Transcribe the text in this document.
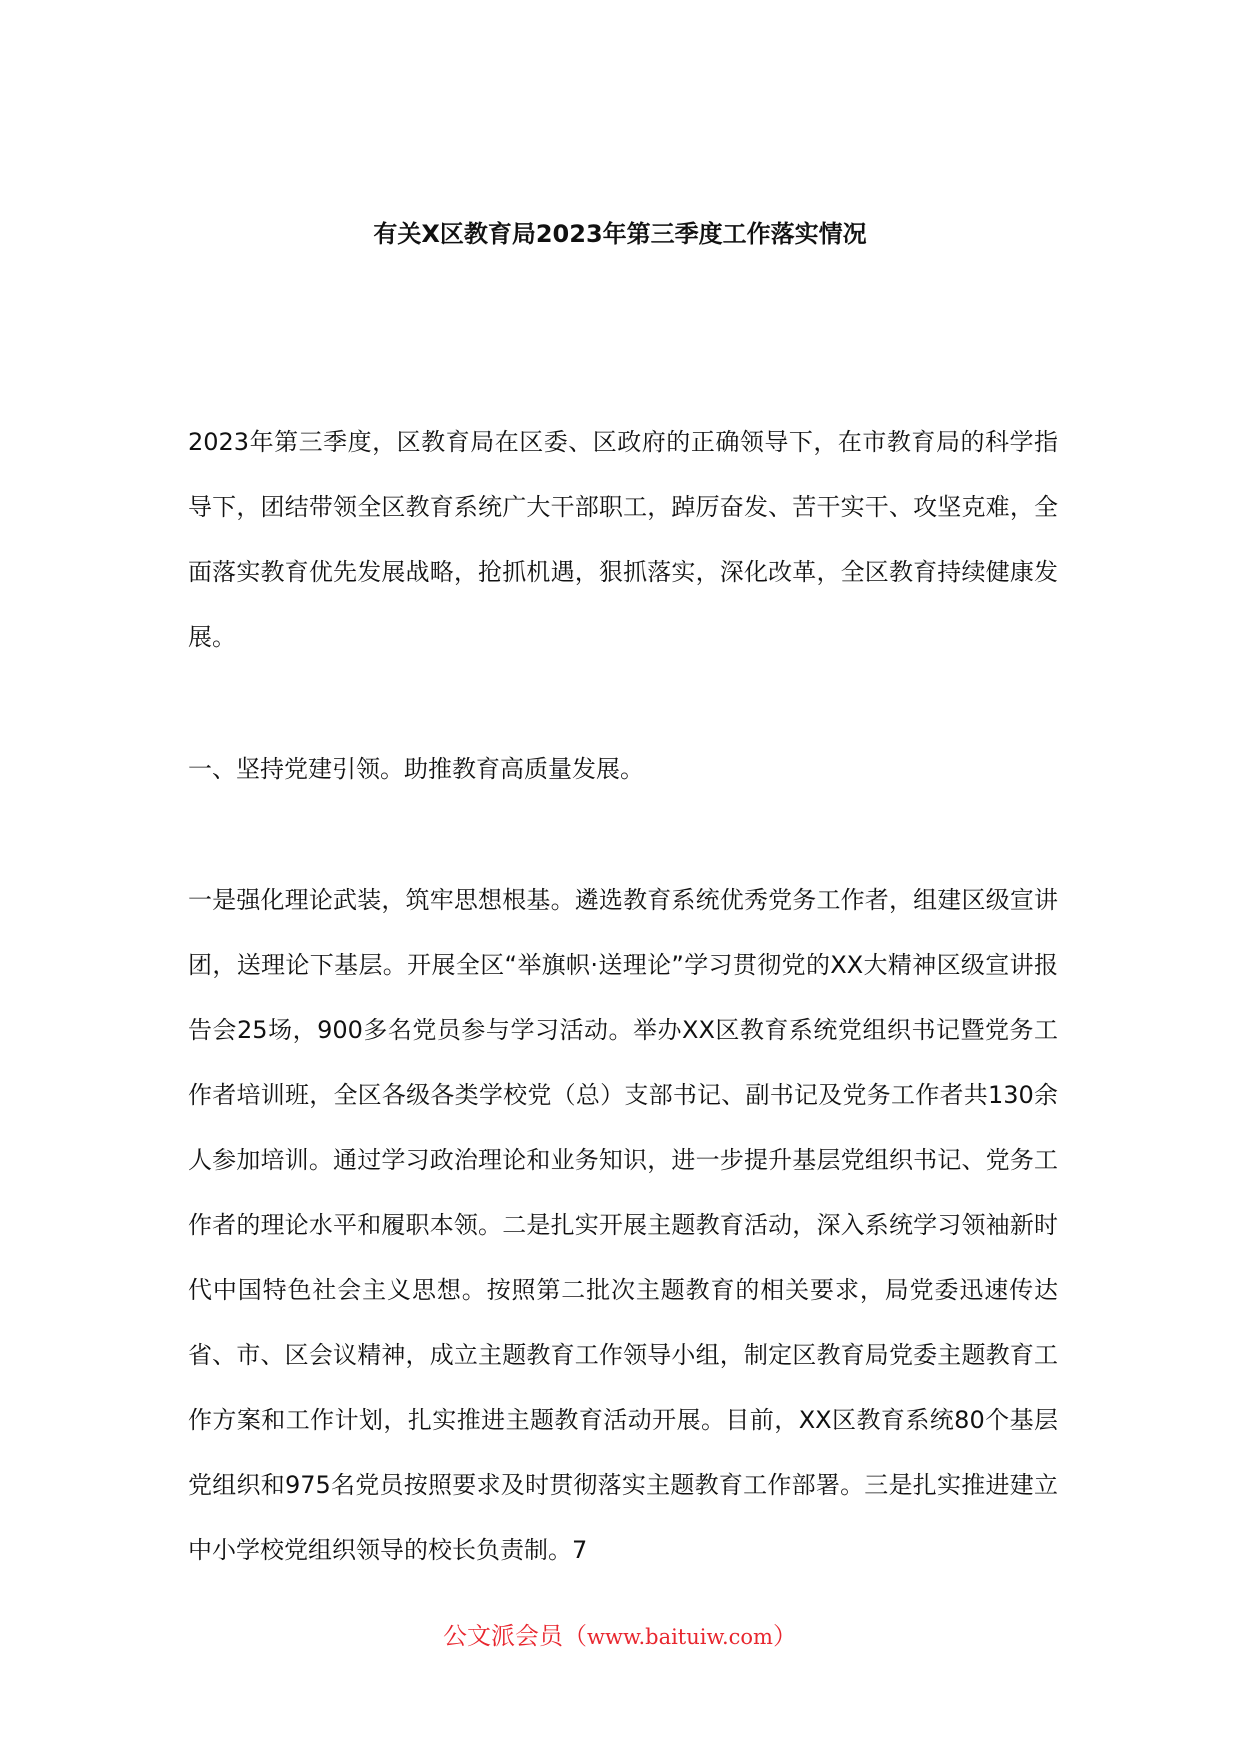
有关X区教育局2023年第三季度工作落实情况
2023年第三季度，区教育局在区委、区政府的正确领导下，在市教育局的科学指导下，团结带领全区教育系统广大干部职工，踔厉奋发、苦干实干、攻坚克难，全面落实教育优先发展战略，抢抓机遇，狠抓落实，深化改革，全区教育持续健康发展。
一、坚持党建引领。助推教育高质量发展。
一是强化理论武装，筑牢思想根基。遴选教育系统优秀党务工作者，组建区级宣讲团，送理论下基层。开展全区“举旗帜·送理论”学习贯彻党的XX大精神区级宣讲报告会25场，900多名党员参与学习活动。举办XX区教育系统党组织书记暨党务工作者培训班，全区各级各类学校党（总）支部书记、副书记及党务工作者共130余人参加培训。通过学习政治理论和业务知识，进一步提升基层党组织书记、党务工作者的理论水平和履职本领。二是扎实开展主题教育活动，深入系统学习领袖新时代中国特色社会主义思想。按照第二批次主题教育的相关要求，局党委迅速传达省、市、区会议精神，成立主题教育工作领导小组，制定区教育局党委主题教育工作方案和工作计划，扎实推进主题教育活动开展。目前，XX区教育系统80个基层党组织和975名党员按照要求及时贯彻落实主题教育工作部署。三是扎实推进建立中小学校党组织领导的校长负责制。7
公文派会员（www.baituiw.com）
